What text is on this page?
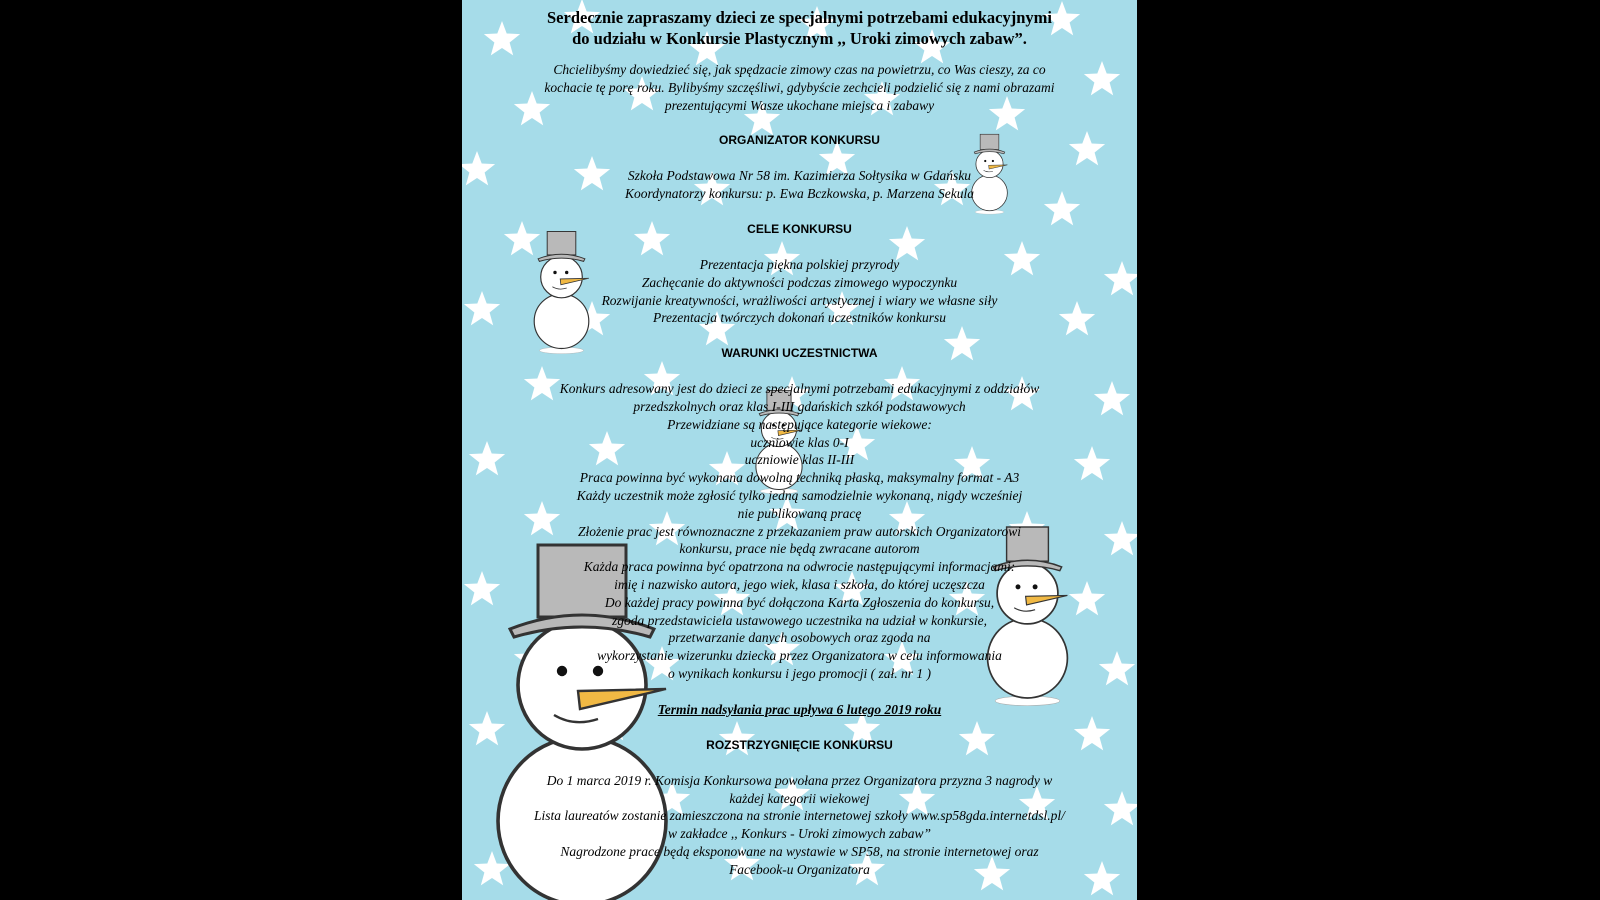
Serdecznie zapraszamy dzieci ze specjalnymi potrzebami edukacyjnymi
do udziału w Konkursie Plastycznym ,, Uroki zimowych zabaw”.
Chcielibyśmy dowiedzieć się, jak spędzacie zimowy czas na powietrzu, co Was cieszy, za co
kochacie tę porę roku. Bylibyśmy szczęśliwi, gdybyście zechcieli podzielić się z nami obrazami
prezentującymi Wasze ukochane miejsca i zabawy
ORGANIZATOR KONKURSU
Szkoła Podstawowa Nr 58 im. Kazimierza Sołtysika w Gdańsku
Koordynatorzy konkursu: p. Ewa Bczkowska, p. Marzena Sekula
CELE KONKURSU
Prezentacja piękna polskiej przyrody
Zachęcanie do aktywności podczas zimowego wypoczynku
Rozwijanie kreatywności, wrażliwości artystycznej i wiary we własne siły
Prezentacja twórczych dokonań uczestników konkursu
WARUNKI UCZESTNICTWA
Konkurs adresowany jest do dzieci ze specjalnymi potrzebami edukacyjnymi z oddziałów
przedszkolnych oraz klas I-III gdańskich szkół podstawowych
Przewidziane są następujące kategorie wiekowe:
uczniowie klas 0-I
uczniowie klas II-III
Praca powinna być wykonana dowolną techniką płaską, maksymalny format - A3
Każdy uczestnik może zgłosić tylko jedną samodzielnie wykonaną, nigdy wcześniej
nie publikowaną pracę
Złożenie prac jest równoznaczne z przekazaniem praw autorskich Organizatorowi
konkursu, prace nie będą zwracane autorom
Każda praca powinna być opatrzona na odwrocie następującymi informacjami:
imię i nazwisko autora, jego wiek, klasa i szkoła, do której uczęszcza
Do każdej pracy powinna być dołączona Karta Zgłoszenia do konkursu,
zgoda przedstawiciela ustawowego uczestnika na udział w konkursie,
przetwarzanie danych osobowych oraz zgoda na
wykorzystanie wizerunku dziecka przez Organizatora w celu informowania
o wynikach konkursu i jego promocji ( zał. nr 1 )
Termin nadsyłania prac upływa 6 lutego 2019 roku
ROZSTRZYGNIĘCIE KONKURSU
Do 1 marca 2019 r. Komisja Konkursowa powołana przez Organizatora przyzna 3 nagrody w
każdej kategorii wiekowej
Lista laureatów zostanie zamieszczona na stronie internetowej szkoły www.sp58gda.internetdsl.pl/
w zakładce ,, Konkurs - Uroki zimowych zabaw”
Nagrodzone prace będą eksponowane na wystawie w SP58, na stronie internetowej oraz
Facebook-u Organizatora
